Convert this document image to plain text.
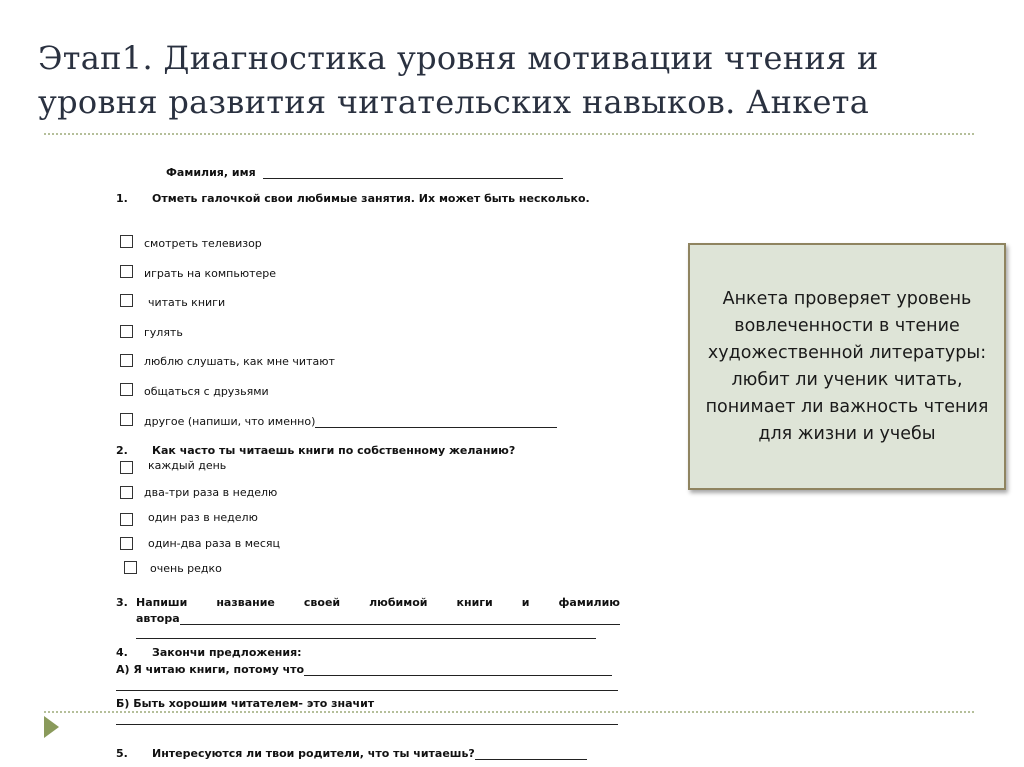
Этап1. Диагностика уровня мотивации чтения и уровня развития читательских навыков. Анкета
Фамилия, имя
1. Отметь галочкой свои любимые занятия. Их может быть несколько.
смотреть телевизор
играть на компьютере
читать книги
гулять
люблю слушать, как мне читают
общаться с друзьями
другое (напиши, что именно)
2. Как часто ты читаешь книги по собственному желанию?
каждый день
два-три раза в неделю
один раз в неделю
один-два раза в месяц
очень редко
3. Напиши	название	своей	любимой	книги	и	фамилию
автора
4. Закончи предложения:
А) Я читаю книги, потому что
Б) Быть хорошим читателем- это значит
5. Интересуются ли твои родители, что ты читаешь?
Анкета проверяет уровень вовлеченности в чтение художественной литературы: любит ли ученик читать, понимает ли важность чтения для жизни и учебы
